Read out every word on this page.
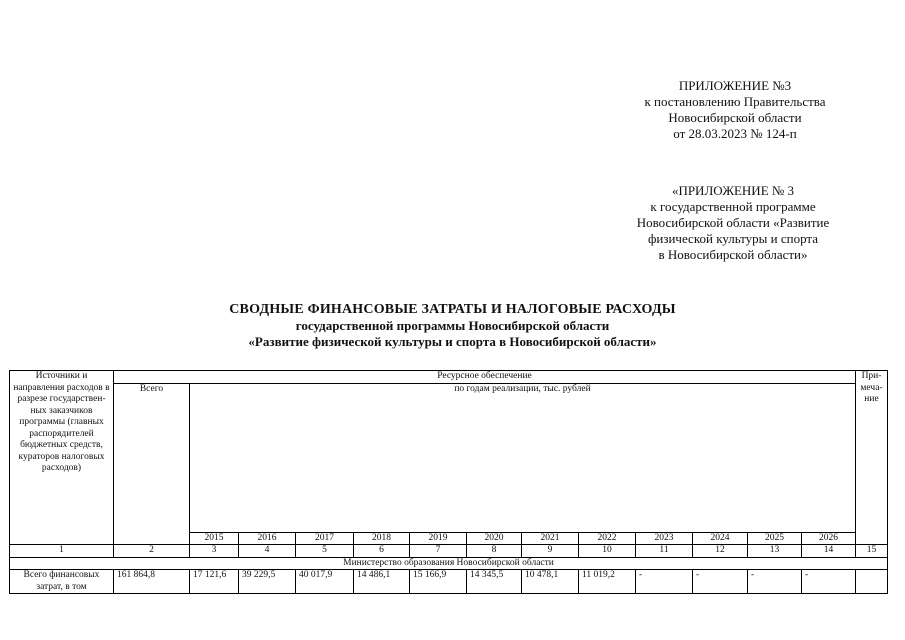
ПРИЛОЖЕНИЕ №3
к постановлению Правительства
Новосибирской области
от 28.03.2023 № 124-п
«ПРИЛОЖЕНИЕ № 3
к государственной программе
Новосибирской области «Развитие
физической культуры и спорта
в Новосибирской области»
СВОДНЫЕ ФИНАНСОВЫЕ ЗАТРАТЫ И НАЛОГОВЫЕ РАСХОДЫ
государственной программы Новосибирской области
«Развитие физической культуры и спорта в Новосибирской области»
Источники и направления расходов в разрезе государствен-ных заказчиков программы (главных распорядителей бюджетных средств, кураторов налоговых расходов)	Ресурсное обеспечение													При-меча-ние
	Всего	по годам реализации, тыс. рублей												
		2015	2016	2017	2018	2019	2020	2021	2022	2023	2024	2025	2026	
1	2	3	4	5	6	7	8	9	10	11	12	13	14	15
Министерство образования Новосибирской области														
Всего финансовых затрат, в том	161 864,8	17 121,6	39 229,5	40 017,9	14 486,1	15 166,9	14 345,5	10 478,1	11 019,2	-	-	-	-	
